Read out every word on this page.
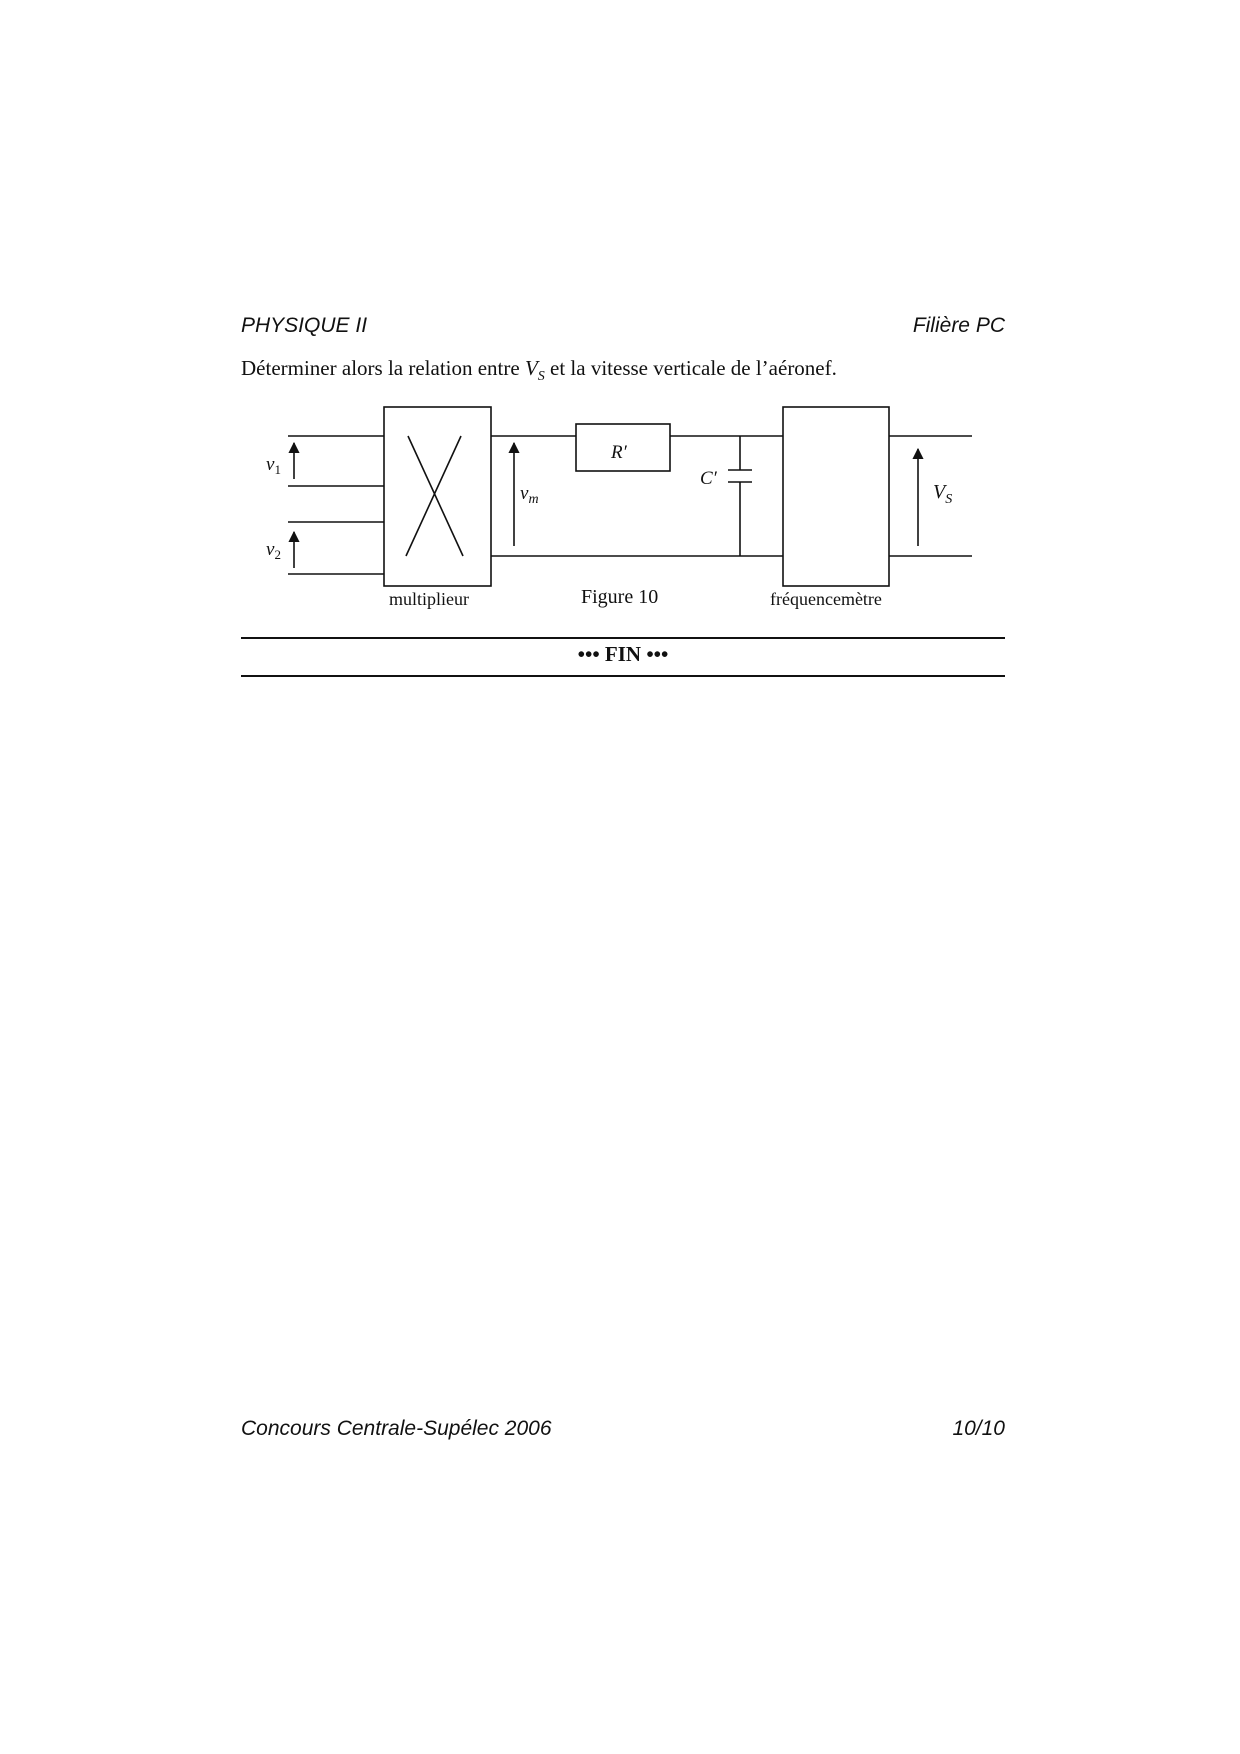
PHYSIQUE II	Filière PC
Déterminer alors la relation entre $V_S$ et la vitesse verticale de l’aéronef.
$v_1$
$v_2$
$v_m$
R′
C′
$V_S$
multiplieur	Figure 10	fréquencemètre
••• FIN •••
Concours Centrale-Supélec 2006	10/10
